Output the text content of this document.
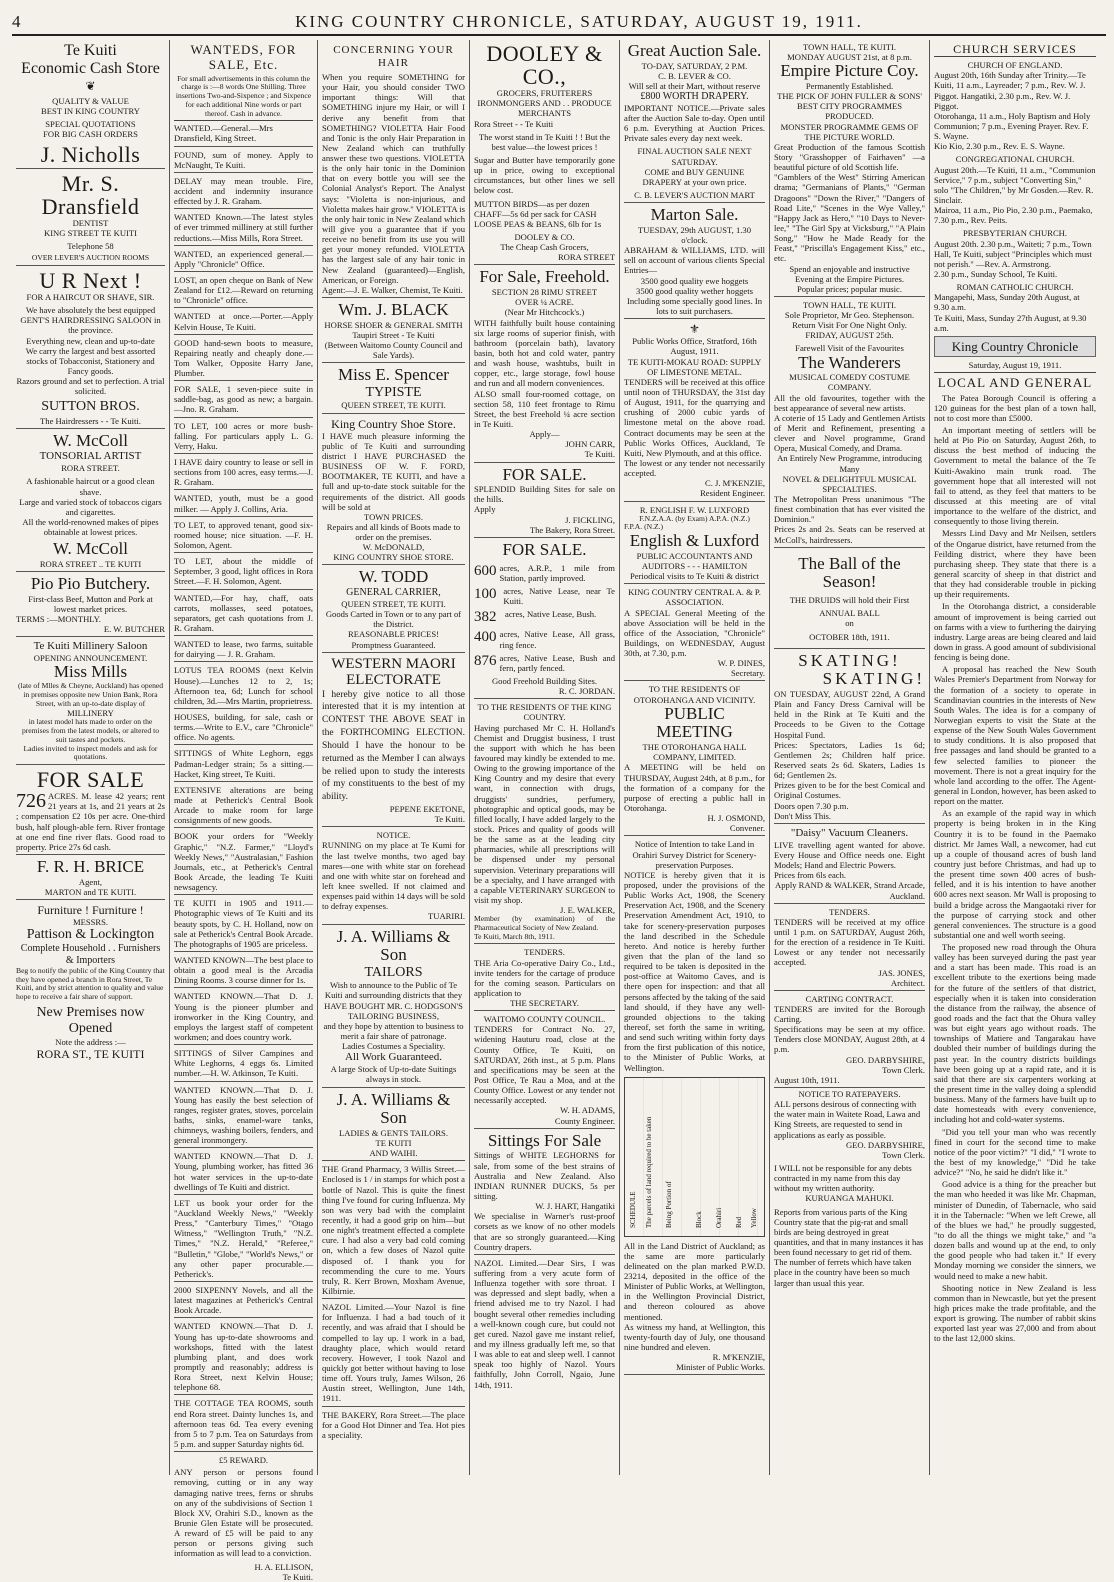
4	KING COUNTRY CHRONICLE, SATURDAY, AUGUST 19, 1911.
Te Kuiti
Economic Cash Store
❦
QUALITY & VALUE
BEST IN KING COUNTRY
SPECIAL QUOTATIONS
FOR BIG CASH ORDERS
J. Nicholls
Mr. S. Dransfield
DENTIST
KING STREET TE KUITI
Telephone 58
OVER LEVER'S AUCTION ROOMS
U R Next !
FOR A HAIRCUT OR SHAVE, SIR.
We have absolutely the best equipped GENT'S HAIRDRESSING SALOON in the province.
Everything new, clean and up-to-date
We carry the largest and best assorted stocks of Tobacconist, Stationery and Fancy goods.
Razors ground and set to perfection. A trial solicited.
SUTTON BROS.
The Hairdressers - - Te Kuiti.
W. McColl
TONSORIAL ARTIST
RORA STREET.
A fashionable haircut or a good clean shave.
Large and varied stock of tobaccos cigars and cigarettes.
All the world-renowned makes of pipes obtainable at lowest prices.
W. McColl
RORA STREET .. TE KUITI
Pio Pio Butchery.
First-class Beef, Mutton and Pork at lowest market prices.
TERMS :—MONTHLY.
E. W. BUTCHER
Te Kuiti Millinery Saloon
OPENING ANNOUNCEMENT.
Miss Mills
(late of Mlles & Cheyne, Auckland) has opened in premises opposite new Union Bank, Rora Street, with an up-to-date display of
MILLINERY
in latest model hats made to order on the premises from the latest models, or altered to suit tastes and pockets.
Ladies invited to inspect models and ask for quotations.
FOR SALE
726 ACRES. M. lease 42 years; rent 21 years at 1s, and 21 years at 2s ; compensation £2 10s per acre. One-third bush, half plough-able fern. River frontage at one end fine river flats. Good road to property. Price 27s 6d cash.
F. R. H. BRICE
Agent,
MARTON and TE KUITI.
Furniture ! Furniture !
MESSRS.
Pattison & Lockington
Complete Household . . Furnishers & Importers
Beg to notify the public of the King Country that they have opened a branch in Rora Street, Te Kuiti, and by strict attention to quality and value hope to receive a fair share of support.
New Premises now Opened
Note the address :—
RORA ST., TE KUITI
WANTEDS, FOR SALE, Etc.
For small advertisements in this column the charge is :—8 words One Shilling. Three insertions Two-and-Sixpence ; and Sixpence for each additional Nine words or part thereof. Cash in advance.
WANTED.—General.—Mrs Dransfield, King Street.
FOUND, sum of money. Apply to McNaught, Te Kuiti.
DELAY may mean trouble. Fire, accident and indemnity insurance effected by J. R. Graham.
WANTED Known.—The latest styles of ever trimmed millinery at still further reductions.—Miss Mills, Rora Street.
WANTED, an experienced general.—Apply "Chronicle" Office.
LOST, an open cheque on Bank of New Zealand for £12.—Reward on returning to "Chronicle" office.
WANTED at once.—Porter.—Apply Kelvin House, Te Kuiti.
GOOD hand-sewn boots to measure, Repairing neatly and cheaply done.—Tom Walker, Opposite Harry Jane, Plumber.
FOR SALE, 1 seven-piece suite in saddle-bag, as good as new; a bargain.—Jno. R. Graham.
TO LET, 100 acres or more bush-falling. For particulars apply L. G. Verry, Haku.
I HAVE dairy country to lease or sell in sections from 100 acres, easy terms.—J. R. Graham.
WANTED, youth, must be a good milker. — Apply J. Collins, Aria.
TO LET, to approved tenant, good six-roomed house; nice situation. —F. H. Solomon, Agent.
TO LET, about the middle of September, 3 good, light offices in Rora Street.—F. H. Solomon, Agent.
WANTED,—For hay, chaff, oats carrots, mollasses, seed potatoes, separators, get cash quotations from J. R. Graham.
WANTED to lease, two farms, suitable for dairying — J. R. Graham.
LOTUS TEA ROOMS (next Kelvin House).—Lunches 12 to 2, 1s; Afternoon tea, 6d; Lunch for school children, 3d.—Mrs Martin, proprietress.
HOUSES, building, for sale, cash or terms.—Write to E.V., care "Chronicle" office. No agents.
SITTINGS of White Leghorn, eggs Padman-Ledger strain; 5s a sitting.—Hacket, King street, Te Kuiti.
EXTENSIVE alterations are being made at Petherick's Central Book Arcade to make room for large consignments of new goods.
BOOK your orders for "Weekly Graphic," "N.Z. Farmer," "Lloyd's Weekly News," "Australasian," Fashion Journals, etc., at Petherick's Central Book Arcade, the leading Te Kuiti newsagency.
TE KUITI in 1905 and 1911.—Photographic views of Te Kuiti and its beauty spots, by C. H. Holland, now on sale at Petherick's Central Book Arcade. The photographs of 1905 are priceless.
WANTED KNOWN—The best place to obtain a good meal is the Arcadia Dining Rooms. 3 course dinner for 1s.
WANTED KNOWN.—That D. J. Young is the pioneer plumber and ironworker in the King Country, and employs the largest staff of competent workmen; and does country work.
SITTINGS of Silver Campines and White Leghorns, 4 eggs 6s. Limited number.—H. W. Atkinson, Te Kuiti.
WANTED KNOWN.—That D. J. Young has easily the best selection of ranges, register grates, stoves, porcelain baths, sinks, enamel-ware tanks, chimneys, washing boilers, fenders, and general ironmongery.
WANTED KNOWN.—That D. J. Young, plumbing worker, has fitted 36 hot water services in the up-to-date dwellings of Te Kuiti and district.
LET us book your order for the "Auckland Weekly News," "Weekly Press," "Canterbury Times," "Otago Witness," "Wellington Truth," "N.Z. Times," "N.Z. Herald," "Referee," "Bulletin," "Globe," "World's News," or any other paper procurable.—Petherick's.
2000 SIXPENNY Novels, and all the latest magazines at Petherick's Central Book Arcade.
WANTED KNOWN.—That D. J. Young has up-to-date showrooms and workshops, fitted with the latest plumbing plant, and does work promptly and reasonably; address is Rora Street, next Kelvin House; telephone 68.
THE COTTAGE TEA ROOMS, south end Rora street. Dainty lunches 1s, and afternoon teas 6d. Tea every evening from 5 to 7 p.m. Tea on Saturdays from 5 p.m. and supper Saturday nights 6d.
£5 REWARD.
ANY person or persons found removing, cutting or in any way damaging native trees, ferns or shrubs on any of the subdivisions of Section 1 Block XV, Orahiri S.D., known as the Brunie Glen Estate will be prosecuted. A reward of £5 will be paid to any person or persons giving such information as will lead to a conviction.
H. A. ELLISON,
Te Kuiti.
CONCERNING YOUR HAIR

When you require SOMETHING for your Hair, you should consider TWO important things: Will that SOMETHING injure my Hair, or will I derive any benefit from that SOMETHING? VIOLETTA Hair Food and Tonic is the only Hair Preparation in New Zealand which can truthfully answer these two questions. VIOLETTA is the only hair tonic in the Dominion that on every bottle you will see the Colonial Analyst's Report. The Analyst says: "Violetta is non-injurious, and Violetta makes hair grow." VIOLETTA is the only hair tonic in New Zealand which will give you a guarantee that if you receive no benefit from its use you will get your money refunded. VIOLETTA has the largest sale of any hair tonic in New Zealand (guaranteed)—English, American, or Foreign.

Agent:—J. E. Walker, Chemist, Te Kuiti.

Wm. J. BLACK
HORSE SHOER & GENERAL SMITH
Taupiri Street - Te Kuiti
(Between Waitomo County Council and Sale Yards).
Miss E. Spencer
TYPISTE
QUEEN STREET, TE KUITI.
King Country Shoe Store.

I HAVE much pleasure informing the public of Te Kuiti and surrounding district I HAVE PURCHASED the BUSINESS OF W. F. FORD, BOOTMAKER, TE KUITI, and have a full and up-to-date stock suitable for the requirements of the district. All goods will be sold at

TOWN PRICES.
Repairs and all kinds of Boots made to order on the premises.
W. McDONALD,
KING COUNTRY SHOE STORE.
W. TODD
GENERAL CARRIER,
QUEEN STREET, TE KUITI.
Goods Carted in Town or to any part of the District.
REASONABLE PRICES!
Promptness Guaranteed.
WESTERN MAORI ELECTORATE

I hereby give notice to all those interested that it is my intention at CONTEST THE ABOVE SEAT in the FORTHCOMING ELECTION. Should I have the honour to be returned as the Member I can always be relied upon to study the interests of my constituents to the best of my ability.

PEPENE EKETONE,
Te Kuiti.
NOTICE.

RUNNING on my place at Te Kumi for the last twelve months, two aged bay mares—one with white star on forehead and one with white star on forehead and left knee swelled. If not claimed and expenses paid within 14 days will be sold to defray expenses.

TUARIRI.
J. A. Williams & Son
TAILORS
Wish to announce to the Public of Te Kuiti and surrounding districts that they
HAVE BOUGHT MR. C. HODGSON'S TAILORING BUSINESS,
and they hope by attention to business to merit a fair share of patronage.
Ladies Costumes a Speciality.
All Work Guaranteed.
A large Stock of Up-to-date Suitings always in stock.
J. A. Williams & Son
LADIES & GENTS TAILORS.
TE KUITI
AND WAIHI.
THE Grand Pharmacy, 3 Willis Street.—Enclosed is 1 / in stamps for which post a bottle of Nazol. This is quite the finest thing I've found for curing Influenza. My son was very bad with the complaint recently, it had a good grip on him—but one night's treatment effected a complete cure. I had also a very bad cold coming on, which a few doses of Nazol quite disposed of. I thank you for recommending the cure to me. Yours truly, R. Kerr Brown, Moxham Avenue, Kilbirnie.
NAZOL Limited.—Your Nazol is fine for Influenza. I had a bad touch of it recently, and was afraid that I should be compelled to lay up. I work in a bad, draughty place, which would retard recovery. However, I took Nazol and quickly got better without having to lose time off. Yours truly, James Wilson, 26 Austin street, Wellington, June 14th, 1911.
THE BAKERY, Rora Street.—The place for a Good Hot Dinner and Tea. Hot pies a speciality.
DOOLEY & CO.,
GROCERS, FRUITERERS IRONMONGERS AND . . PRODUCE MERCHANTS
Rora Street - - Te Kuiti
The worst stand in Te Kuiti ! ! But the best value—the lowest prices !
Sugar and Butter have temporarily gone up in price, owing to exceptional circumstances, but other lines we sell below cost.
MUTTON BIRDS—as per dozen
CHAFF—5s 6d per sack for CASH
LOOSE PEAS & BEANS, 6lb for 1s
DOOLEY & CO.
The Cheap Cash Grocers,
RORA STREET
For Sale, Freehold.
SECTION 28 RIMU STREET
OVER ¼ ACRE.
(Near Mr Hitchcock's.)

WITH faithfully built house containing six large rooms of superior finish, with bathroom (porcelain bath), lavatory basin, both hot and cold water, pantry and wash house, washtubs, built in copper, etc., large storage, fowl house and run and all modern conveniences.

ALSO small four-roomed cottage, on section 58, 110 feet frontage to Rimu Street, the best Freehold ¼ acre section in Te Kuiti.

Apply—
JOHN CARR,
Te Kuiti.
FOR SALE.

SPLENDID Building Sites for sale on the hills.

Apply
J. FICKLING,
The Bakery, Rora Street.
FOR SALE.
600 acres, A.R.P., 1 mile from Station, partly improved.
100 acres, Native Lease, near Te Kuiti.
382 acres, Native Lease, Bush.
400 acres, Native Lease, All grass, ring fence.
876 acres, Native Lease, Bush and fern, partly fenced.
Good Freehold Building Sites.
R. C. JORDAN.
TO THE RESIDENTS OF THE KING COUNTRY.

Having purchased Mr C. H. Holland's Chemist and Druggist business, I trust the support with which he has been favoured may kindly be extended to me. Owing to the growing importance of the King Country and my desire that every want, in connection with drugs, druggists' sundries, perfumery, photographic and optical goods, may be filled locally, I have added largely to the stock. Prices and quality of goods will be the same as at the leading city pharmacies, while all prescriptions will be dispensed under my personal supervision. Veterinary preparations will be a specialty, and I have arranged with a capable VETERINARY SURGEON to visit my shop.

J. E. WALKER,
Member (by examination) of the Pharmaceutical Society of New Zealand.
Te Kuiti, March 8th, 1911.
TENDERS.

THE Aria Co-operative Dairy Co., Ltd., invite tenders for the cartage of produce for the coming season. Particulars on application to

THE SECRETARY.
WAITOMO COUNTY COUNCIL.

TENDERS for Contract No. 27, widening Hauturu road, close at the County Office, Te Kuiti, on SATURDAY, 26th inst., at 5 p.m. Plans and specifications may be seen at the Post Office, Te Rau a Moa, and at the County Office. Lowest or any tender not necessarily accepted.

W. H. ADAMS,
County Engineer.
Sittings For Sale

Sittings of WHITE LEGHORNS for sale, from some of the best strains of Australia and New Zealand. Also INDIAN RUNNER DUCKS, 5s per sitting.

W. J. HART, Hangatiki

We specialise in Warner's rust-proof corsets as we know of no other models that are so strongly guaranteed.—King Country drapers.

NAZOL Limited.—Dear Sirs, I was suffering from a very acute form of Influenza together with sore throat. I was depressed and slept badly, when a friend advised me to try Nazol. I had bought several other remedies including a well-known cough cure, but could not get cured. Nazol gave me instant relief, and my illness gradually left me, so that I was able to eat and sleep well. I cannot speak too highly of Nazol. Yours faithfully, John Corroll, Ngaio, June 14th, 1911.
Great Auction Sale.
TO-DAY, SATURDAY, 2 P.M.
C. B. LEVER & CO.
Will sell at their Mart, without reserve
£800 WORTH DRAPERY.

IMPORTANT NOTICE.—Private sales after the Auction Sale to-day. Open until 6 p.m. Everything at Auction Prices. Private sales every day next week.

FINAL AUCTION SALE NEXT SATURDAY.
COME and BUY GENUINE DRAPERY at your own price.
C. B. LEVER'S AUCTION MART
Marton Sale.
TUESDAY, 29th AUGUST, 1.30 o'clock.

ABRAHAM & WILLIAMS, LTD. will sell on account of various clients Special Entries—

3500 good quality ewe hoggets
3500 good quality wether hoggets
Including some specially good lines. In lots to suit purchasers.
⚜
Public Works Office, Stratford, 16th August, 1911.
TE KUITI-MOKAU ROAD: SUPPLY OF LIMESTONE METAL.

TENDERS will be received at this office until noon of THURSDAY, the 31st day of August, 1911, for the quarrying and crushing of 2000 cubic yards of limestone metal on the above road. Contract documents may be seen at the Public Works Offices, Auckland, Te Kuiti, New Plymouth, and at this office.

The lowest or any tender not necessarily accepted.

C. J. M'KENZIE,
Resident Engineer.
R. ENGLISH F. W. LUXFORD
F.N.Z.A.A. (by Exam) A.P.A. (N.Z.)
F.P.A. (N.Z.)
English & Luxford
PUBLIC ACCOUNTANTS AND AUDITORS - - - HAMILTON
Periodical visits to Te Kuiti & district
KING COUNTRY CENTRAL A. & P. ASSOCIATION.

A SPECIAL General Meeting of the above Association will be held in the office of the Association, "Chronicle" Buildings, on WEDNESDAY, August 30th, at 7.30, p.m.

W. P. DINES,
Secretary.
TO THE RESIDENTS OF OTOROHANGA AND VICINITY.
PUBLIC MEETING
THE OTOROHANGA HALL COMPANY, LIMITED.

A MEETING will be held on THURSDAY, August 24th, at 8 p.m., for the formation of a company for the purpose of erecting a public hall in Otorohanga.

H. J. OSMOND,
Convener.
Notice of Intention to take Land in Orahiri Survey District for Scenery-preservation Purposes.

NOTICE is hereby given that it is proposed, under the provisions of the Public Works Act, 1908, the Scenery Preservation Act, 1908, and the Scenery Preservation Amendment Act, 1910, to take for scenery-preservation purposes the land described in the Schedule hereto. And notice is hereby further given that the plan of the land so required to be taken is deposited in the post-office at Waitomo Caves, and is there open for inspection: and that all persons affected by the taking of the said land should, if they have any well-grounded objections to the taking thereof, set forth the same in writing, and send such writing within forty days from the first publication of this notice, to the Minister of Public Works, at Wellington.

SCHEDULE The parcels of land required to be taken Being Portion of	Block Orahiri Red Yellow

All in the Land District of Auckland; as the same are more particularly delineated on the plan marked P.W.D. 23214, deposited in the office of the Minister of Public Works, at Wellington, in the Wellington Provincial District, and thereon coloured as above mentioned.

As witness my hand, at Wellington, this twenty-fourth day of July, one thousand nine hundred and eleven.

R. M'KENZIE,
Minister of Public Works.
TOWN HALL, TE KUITI.
MONDAY AUGUST 21st, at 8 p.m.
Empire Picture Coy.
Permanently Established.
THE PICK OF JOHN FULLER & SONS' BEST CITY PROGRAMMES PRODUCED.
MONSTER PROGRAMME GEMS OF THE PICTURE WORLD.

Great Production of the famous Scottish Story "Grasshopper of Fairhaven" —a beautiful picture of old Scottish life.

"Gamblers of the West" Stirring American drama; "Germanians of Plants," "German Dragoons" "Down the River," "Dangers of Road Lite," "Scenes in the Wye Valley," "Happy Jack as Hero," "10 Days to Never-lee," "The Girl Spy at Vicksburg," "A Plain Song," "How he Made Ready for the Feast," "Priscilla's Engagement Kiss," etc., etc.

Spend an enjoyable and instructive Evening at the Empire Pictures.

Popular prices; popular music.

TOWN HALL, TE KUITI.
Sole Proprietor, Mr Geo. Stephenson.
Return Visit For One Night Only.
FRIDAY, AUGUST 25th.
Farewell Visit of the Favourites
The Wanderers
MUSICAL COMEDY COSTUME COMPANY.

All the old favourites, together with the best appearance of several new artists.

A coterie of 15 Lady and Gentlemen Artists of Merit and Refinement, presenting a clever and Novel programme, Grand Opera, Musical Comedy, and Drama.

An Entirely New Programme, introducing Many
NOVEL & DELIGHTFUL MUSICAL SPECIALTIES.

The Metropolitan Press unanimous "The finest combination that has ever visited the Dominion."

Prices 2s and 2s. Seats can be reserved at McColl's, hairdressers.

The Ball of the Season!
THE DRUIDS will hold their First
ANNUAL BALL
on
OCTOBER 18th, 1911.
SKATING!
SKATING!

ON TUESDAY, AUGUST 22nd, A Grand Plain and Fancy Dress Carnival will be held in the Rink at Te Kuiti and the Proceeds to be Given to the Cottage Hospital Fund.

Prices: Spectators, Ladies 1s 6d; Gentlemen 2s; Children half price. Reserved seats 2s 6d. Skaters, Ladies 1s 6d; Gentlemen 2s.

Prizes given to be for the best Comical and Original Costumes.

Doors open 7.30 p.m.
Don't Miss This.
"Daisy" Vacuum Cleaners.

LIVE travelling agent wanted for above. Every House and Office needs one. Eight Models; Hand and Electric Powers.

Prices from 6ls each.
Apply RAND & WALKER, Strand Arcade, Auckland.
TENDERS.

TENDERS will be received at my office until 1 p.m. on SATURDAY, August 26th, for the erection of a residence in Te Kuiti. Lowest or any tender not necessarily accepted.

JAS. JONES,
Architect.
CARTING CONTRACT.

TENDERS are invited for the Borough Carting.

Specifications may be seen at my office. Tenders close MONDAY, August 28th, at 4 p.m.

GEO. DARBYSHIRE,
Town Clerk.
August 10th, 1911.
NOTICE TO RATEPAYERS.

ALL persons desirous of connecting with the water main in Waitete Road, Lawa and King Streets, are requested to send in applications as early as possible.

GEO. DARBYSHIRE,
Town Clerk.

I WILL not be responsible for any debts contracted in my name from this day without my written authority.

KURUANGA MAHUKI.

Reports from various parts of the King Country state that the pig-rat and small birds are being destroyed in great quantities, and that in many instances it has been found necessary to get rid of them. The number of ferrets which have taken place in the country have been so much larger than usual this year.

CHURCH SERVICES
CHURCH OF ENGLAND.

August 20th, 16th Sunday after Trinity.—Te Kuiti, 11 a.m., Layreader; 7 p.m., Rev. W. J. Piggot. Hangatiki, 2.30 p.m., Rev. W. J. Piggot.

Otorohanga, 11 a.m., Holy Baptism and Holy Communion; 7 p.m., Evening Prayer. Rev. F. S. Wayne.

Kio Kio, 2.30 p.m., Rev. E. S. Wayne.

CONGREGATIONAL CHURCH.

August 20th.—Te Kuiti, 11 a.m., "Communion Service," 7 p.m., subject "Converting Sin," solo "The Children," by Mr Gosden.—Rev. R. Sinclair.

Mairoa, 11 a.m., Pio Pio, 2.30 p.m., Paemako, 7.30 p.m., Rev. Peits.

PRESBYTERIAN CHURCH.

August 20th. 2.30 p.m., Waiteti; 7 p.m., Town Hall, Te Kuiti, subject "Principles which must not perish." —Rev. A. Armstrong.

2.30 p.m., Sunday School, Te Kuiti.

ROMAN CATHOLIC CHURCH.

Mangapehi, Mass, Sunday 20th August, at 9.30 a.m.

Te Kuiti, Mass, Sunday 27th August, at 9.30 a.m.

King Country Chronicle
Saturday, August 19, 1911.
LOCAL AND GENERAL

The Patea Borough Council is offering a 120 guineas for the best plan of a town hall, not to cost more than £5000.

An important meeting of settlers will be held at Pio Pio on Saturday, August 26th, to discuss the best method of inducing the Government to metal the balance of the Te Kuiti-Awakino main trunk road. The government hope that all interested will not fail to attend, as they feel that matters to be discussed at this meeting are of vital importance to the welfare of the district, and consequently to those living therein.

Messrs Lind Davy and Mr Neilsen, settlers of the Ongarue district, have returned from the Feilding district, where they have been purchasing sheep. They state that there is a general scarcity of sheep in that district and that they had considerable trouble in picking up their requirements.

In the Otorohanga district, a considerable amount of improvement is being carried out on farms with a view to furthering the dairying industry. Large areas are being cleared and laid down in grass. A good amount of subdivisional fencing is being done.

A proposal has reached the New South Wales Premier's Department from Norway for the formation of a society to operate in Scandinavian countries in the interests of New South Wales. The idea is for a company of Norwegian experts to visit the State at the expense of the New South Wales Government to study conditions. It is also proposed that free passages and land should be granted to a few selected families to pioneer the movement. There is not a great inquiry for the whole land according to the offer. The Agent-general in London, however, has been asked to report on the matter.

As an example of the rapid way in which property is being broken in in the King Country it is to be found in the Paemako district. Mr James Wall, a newcomer, had cut up a couple of thousand acres of bush land country just before Christmas, and had up to the present time sown 400 acres of bush-felled, and it is his intention to have another 600 acres next season. Mr Wall is proposing to build a bridge across the Mangaotaki river for the purpose of carrying stock and other general conveniences. The structure is a good substantial one and well worth seeing.

The proposed new road through the Ohura valley has been surveyed during the past year and a start has been made. This road is an excellent tribute to the exertions being made for the future of the settlers of that district, especially when it is taken into consideration the distance from the railway, the absence of good roads and the fact that the Ohura valley was but eight years ago without roads. The townships of Matiere and Tangarakau have doubled their number of buildings during the past year. In the country districts buildings have been going up at a rapid rate, and it is said that there are six carpenters working at the present time in the valley doing a splendid business. Many of the farmers have built up to date homesteads with every convenience, including hot and cold-water systems.

"Did you tell your man who was recently fined in court for the second time to make notice of the poor victim?" "I did," "I wrote to the best of my knowledge," "Did he take advice?" "No, he said he didn't like it."

Good advice is a thing for the preacher but the man who heeded it was like Mr. Chapman, minister of Dunedin, of Tabernacle, who said it in the Tabernacle: "When we left Crewe, all of the blues we had," he proudly suggested, "to do all the things we might take," and "a dozen balls and wound up at the end, to only the good people who had taken it." If every Monday morning we consider the sinners, we would need to make a new habit.

Shooting notice in New Zealand is less common than in Newcastle, but yet the present high prices make the trade profitable, and the export is growing. The number of rabbit skins exported last year was 27,000 and from about to the last 12,000 skins.
